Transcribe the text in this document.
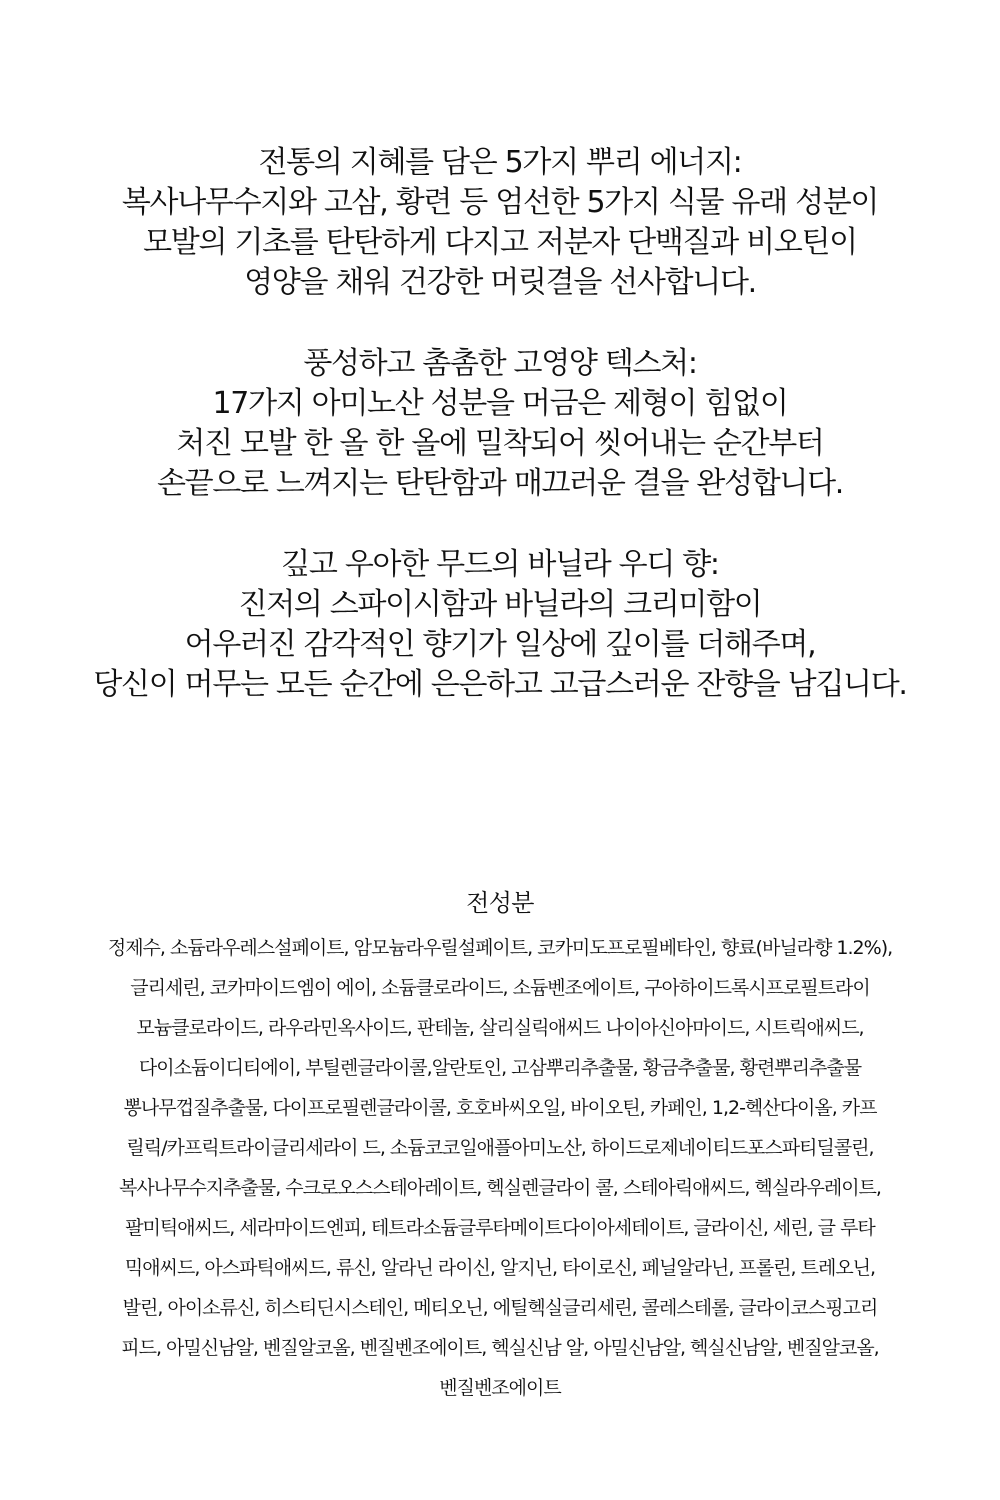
전통의 지혜를 담은 5가지 뿌리 에너지:
복사나무수지와 고삼, 황련 등 엄선한 5가지 식물 유래 성분이
모발의 기초를 탄탄하게 다지고 저분자 단백질과 비오틴이
영양을 채워 건강한 머릿결을 선사합니다.
풍성하고 촘촘한 고영양 텍스처:
17가지 아미노산 성분을 머금은 제형이 힘없이
처진 모발 한 올 한 올에 밀착되어 씻어내는 순간부터
손끝으로 느껴지는 탄탄함과 매끄러운 결을 완성합니다.
깊고 우아한 무드의 바닐라 우디 향:
진저의 스파이시함과 바닐라의 크리미함이
어우러진 감각적인 향기가 일상에 깊이를 더해주며,
당신이 머무는 모든 순간에 은은하고 고급스러운 잔향을 남깁니다.
전성분
정제수, 소듐라우레스설페이트, 암모늄라우릴설페이트, 코카미도프로필베타인, 향료(바닐라향 1.2%),
글리세린, 코카마이드엠이 에이, 소듐클로라이드, 소듐벤조에이트, 구아하이드록시프로필트라이
모늄클로라이드, 라우라민옥사이드, 판테놀, 살리실릭애씨드 나이아신아마이드, 시트릭애씨드,
다이소듐이디티에이, 부틸렌글라이콜,알란토인, 고삼뿌리추출물, 황금추출물, 황련뿌리추출물
뽕나무껍질추출물, 다이프로필렌글라이콜, 호호바씨오일, 바이오틴, 카페인, 1,2-헥산다이올, 카프
릴릭/카프릭트라이글리세라이 드, 소듐코코일애플아미노산, 하이드로제네이티드포스파티딜콜린,
복사나무수지추출물, 수크로오스스테아레이트, 헥실렌글라이 콜, 스테아릭애씨드, 헥실라우레이트,
팔미틱애씨드, 세라마이드엔피, 테트라소듐글루타메이트다이아세테이트, 글라이신, 세린, 글 루타
믹애씨드, 아스파틱애씨드, 류신, 알라닌 라이신, 알지닌, 타이로신, 페닐알라닌, 프롤린, 트레오닌,
발린, 아이소류신, 히스티딘시스테인, 메티오닌, 에틸헥실글리세린, 콜레스테롤, 글라이코스핑고리
피드, 아밀신남알, 벤질알코올, 벤질벤조에이트, 헥실신남 알, 아밀신남알, 헥실신남알, 벤질알코올,
벤질벤조에이트
